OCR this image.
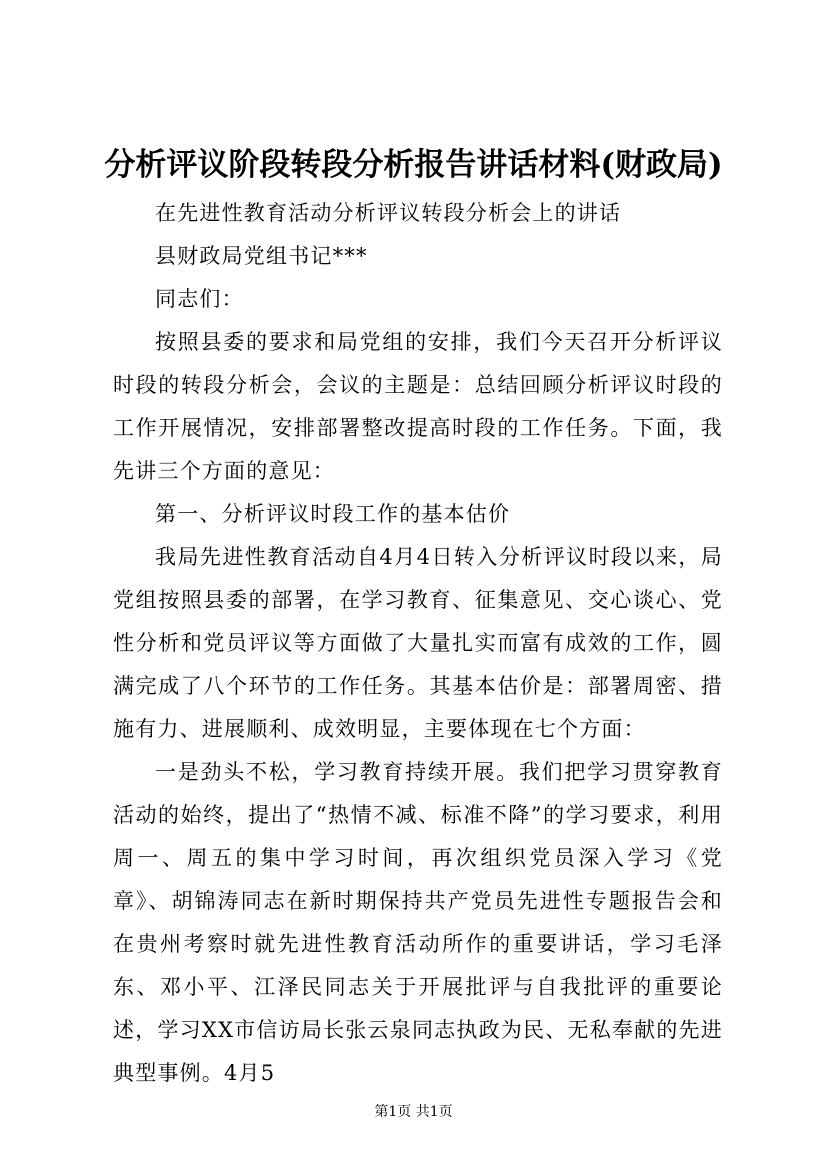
分析评议阶段转段分析报告讲话材料(财政局)

在先进性教育活动分析评议转段分析会上的讲话

县财政局党组书记***

同志们：

按照县委的要求和局党组的安排，我们今天召开分析评议时段的转段分析会，会议的主题是：总结回顾分析评议时段的工作开展情况，安排部署整改提高时段的工作任务。下面，我先讲三个方面的意见：

第一、分析评议时段工作的基本估价

我局先进性教育活动自4月4日转入分析评议时段以来，局党组按照县委的部署，在学习教育、征集意见、交心谈心、党性分析和党员评议等方面做了大量扎实而富有成效的工作，圆满完成了八个环节的工作任务。其基本估价是：部署周密、措施有力、进展顺利、成效明显，主要体现在七个方面：

一是劲头不松，学习教育持续开展。我们把学习贯穿教育活动的始终，提出了“热情不减、标准不降”的学习要求，利用周一、周五的集中学习时间，再次组织党员深入学习《党章》、胡锦涛同志在新时期保持共产党员先进性专题报告会和在贵州考察时就先进性教育活动所作的重要讲话，学习毛泽东、邓小平、江泽民同志关于开展批评与自我批评的重要论述，学习XX市信访局长张云泉同志执政为民、无私奉献的先进典型事例。4月5

第1页 共1页
